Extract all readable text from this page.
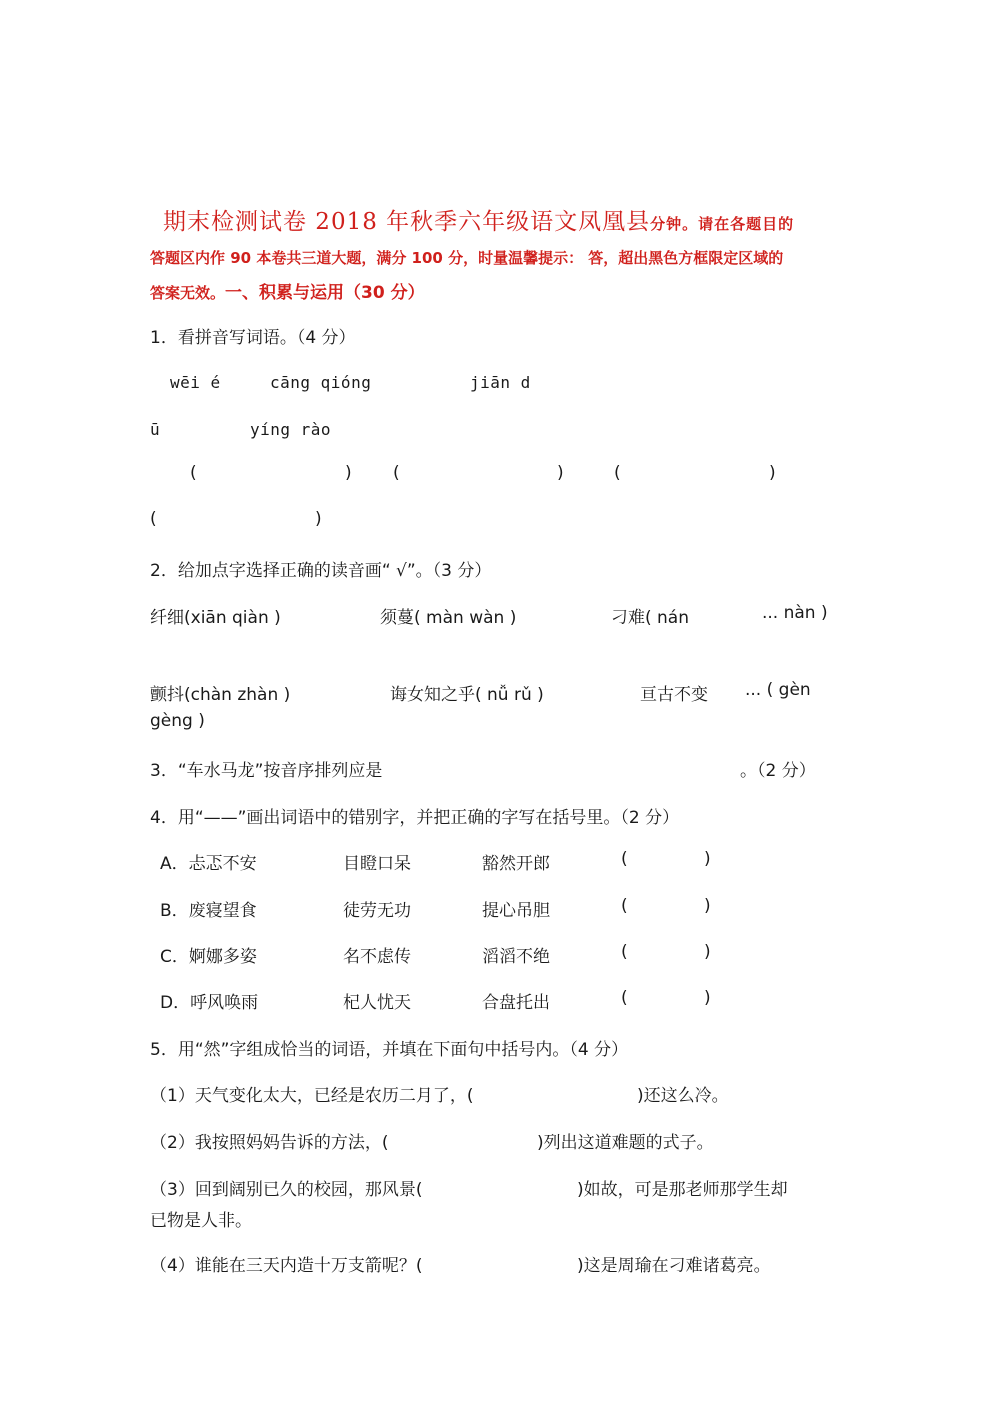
期末检测试卷 2018 年秋季六年级语文凤凰县分钟。请在各题目的
答题区内作 90 本卷共三道大题，满分 100 分，时量温馨提示： 答，超出黑色方框限定区域的
答案无效。一、积累与运用（30 分）
1．看拼音写词语。（4 分）
wēi é	cāng qióng	jiān d
ū	yíng rào
(	) (	)	(	)
(	)
2．给加点字选择正确的读音画“ √”。（3 分）
纤细(xiān qiàn )	须蔓( màn wàn )	刁难( nán	... nàn )
颤抖(chàn zhàn )	诲女知之乎( nǚ rǔ )	亘古不变 ... ( gèn
gèng )
3．“车水马龙”按音序排列应是	。（2 分）
4．用“——”画出词语中的错别字，并把正确的字写在括号里。（2 分）
A．忐忑不安	目瞪口呆	豁然开郎	(	)
B．废寝望食	徒劳无功	提心吊胆	(	)
C．婀娜多姿	名不虑传	滔滔不绝	(	)
D．呼风唤雨	杞人忧天	合盘托出	(	)
5．用“然”字组成恰当的词语，并填在下面句中括号内。（4 分）
（1）天气变化太大，已经是农历二月了，(	)还这么冷。
（2）我按照妈妈告诉的方法，(	)列出这道难题的式子。
（3）回到阔别已久的校园，那风景(	)如故，可是那老师那学生却
已物是人非。
（4）谁能在三天内造十万支箭呢？(	)这是周瑜在刁难诸葛亮。
